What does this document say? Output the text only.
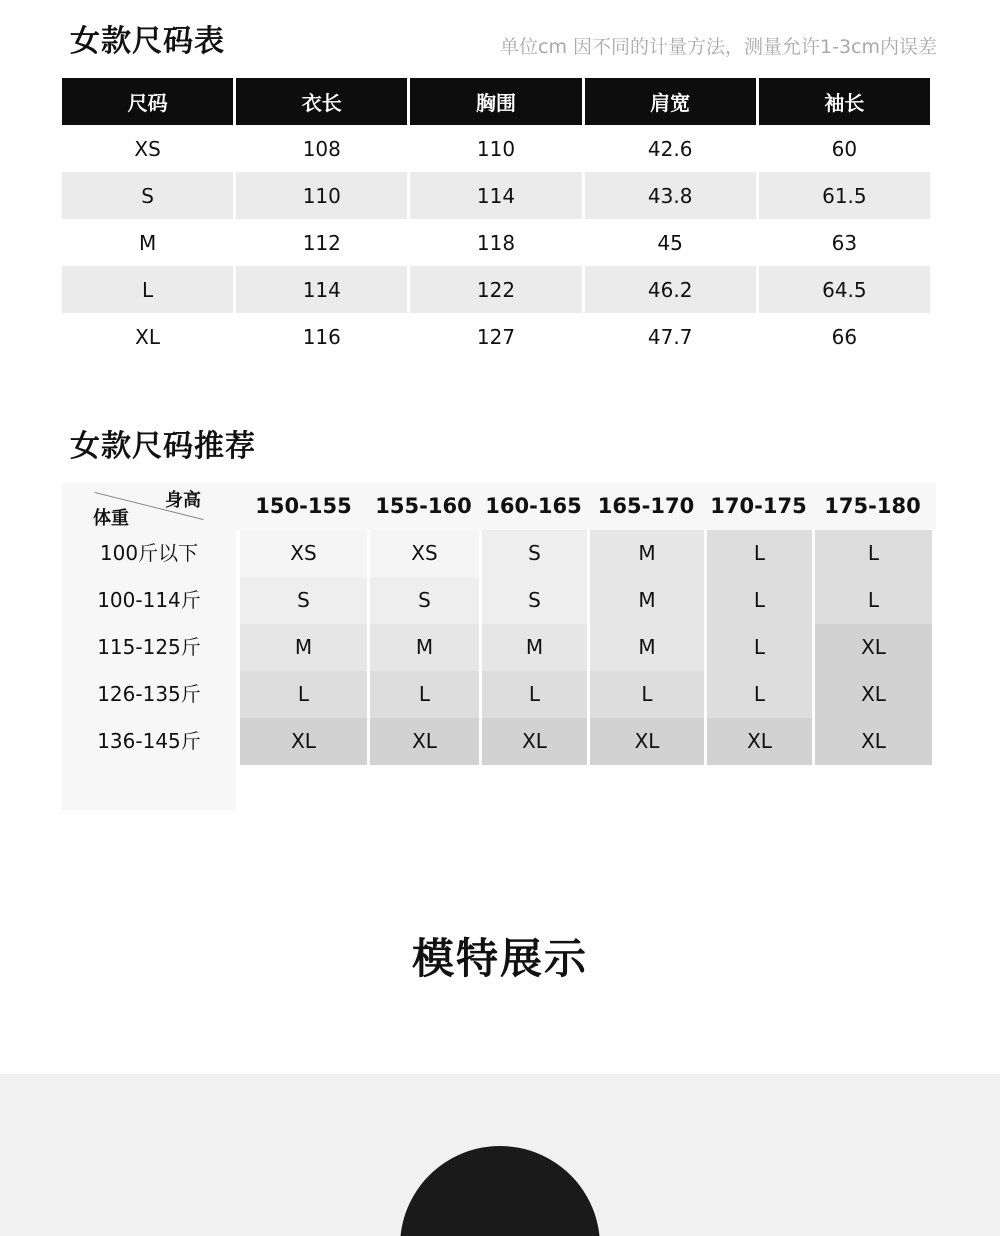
女款尺码表	单位cm 因不同的计量方法，测量允许1-3cm内误差
尺码	衣长	胸围	肩宽	袖长
XS	108	110	42.6	60
S	110	114	43.8	61.5
M	112	118	45	63
L	114	122	46.2	64.5
XL	116	127	47.7	66
女款尺码推荐
身高
体重
150-155	155-160 160-165 165-170 170-175 175-180
100斤以下	XS	XS	S	M	L	L
100-114斤	S	S	S	M	L	L
115-125斤	M	M	M	M	L	XL
126-135斤	L	L	L	L	L	XL
136-145斤	XL	XL	XL	XL	XL	XL
模特展示
